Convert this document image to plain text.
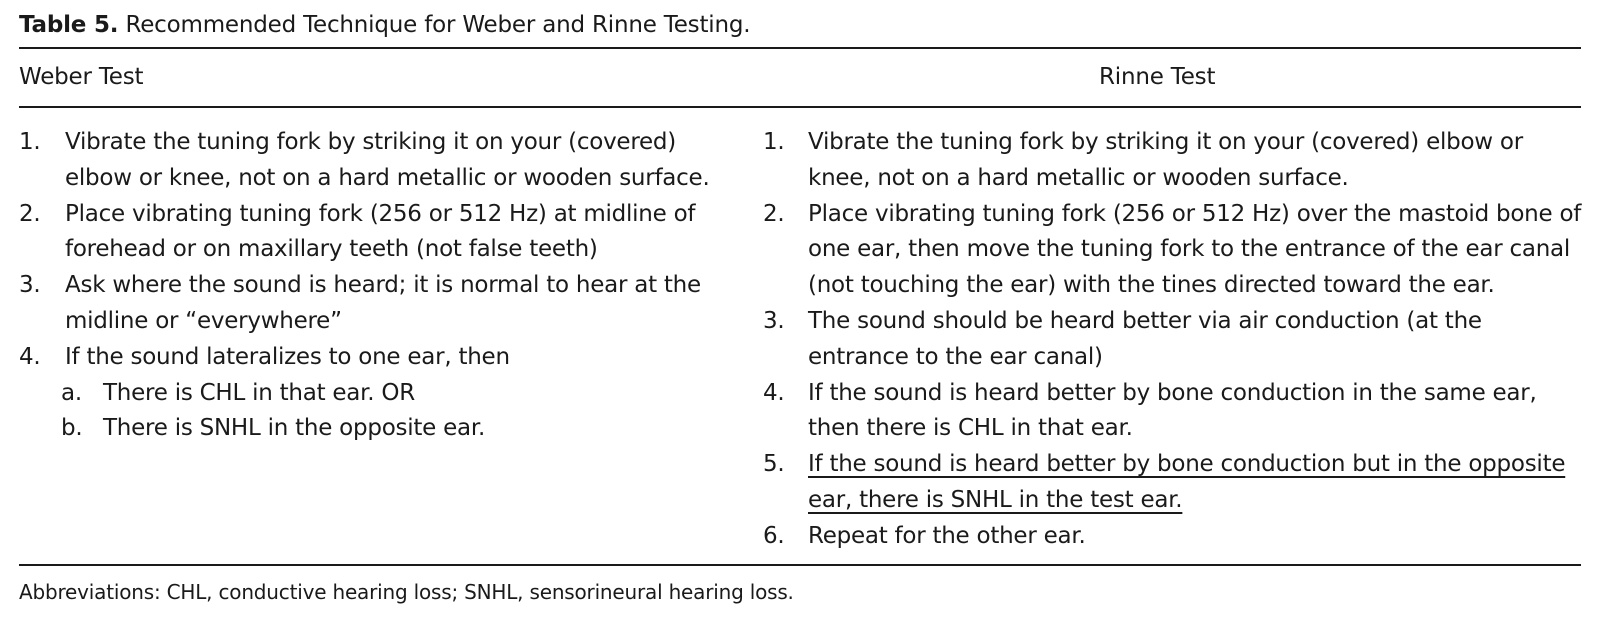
Table 5. Recommended Technique for Weber and Rinne Testing.
Weber Test	Rinne Test
1.	Vibrate the tuning fork by striking it on your (covered) elbow or knee, not on a hard metallic or wooden surface.
2.	Place vibrating tuning fork (256 or 512 Hz) at midline of forehead or on maxillary teeth (not false teeth)
3.	Ask where the sound is heard; it is normal to hear at the midline or “everywhere”
4.	If the sound lateralizes to one ear, then
a. There is CHL in that ear. OR
b. There is SNHL in the opposite ear.
1.	Vibrate the tuning fork by striking it on your (covered) elbow or knee, not on a hard metallic or wooden surface.
2.	Place vibrating tuning fork (256 or 512 Hz) over the mastoid bone of one ear, then move the tuning fork to the entrance of the ear canal (not touching the ear) with the tines directed toward the ear.
3.	The sound should be heard better via air conduction (at the entrance to the ear canal)
4.	If the sound is heard better by bone conduction in the same ear, then there is CHL in that ear.
5.	If the sound is heard better by bone conduction but in the opposite ear, there is SNHL in the test ear.
6.	Repeat for the other ear.
Abbreviations: CHL, conductive hearing loss; SNHL, sensorineural hearing loss.
